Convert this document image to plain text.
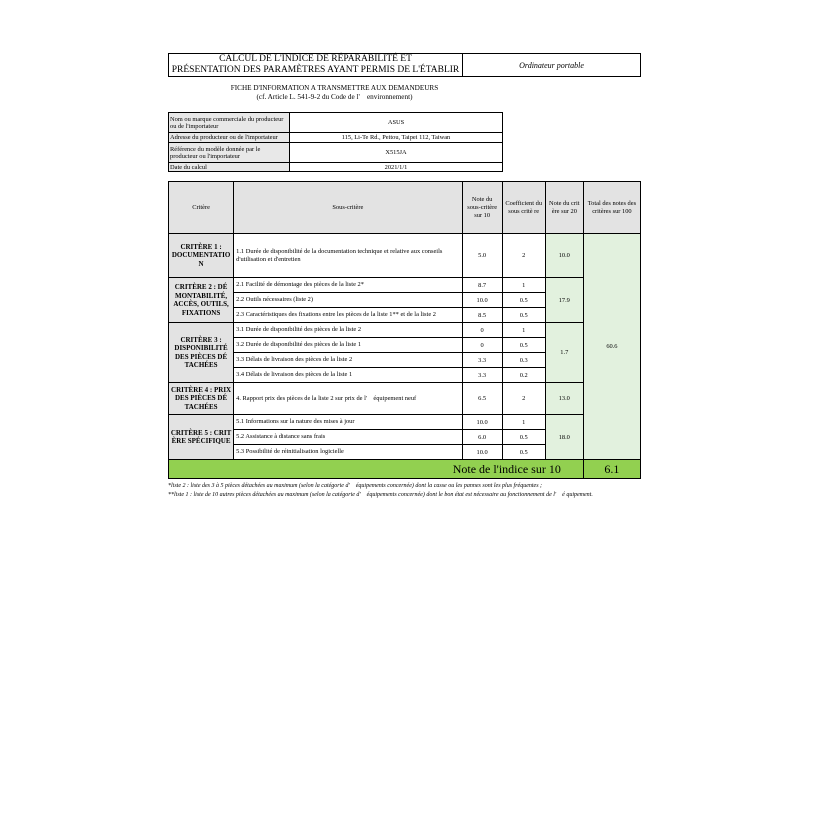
CALCUL DE L'INDICE DE RÉPARABILITÉ ET
PRÉSENTATION DES PARAMÈTRES AYANT PERMIS DE L'ÉTABLIR	Ordinateur portable
FICHE D'INFORMATION A TRANSMETTRE AUX DEMANDEURS
(cf. Article L. 541-9-2 du Code de l'　environnement)
Nom ou marque commerciale du producteur ou de l'importateur	ASUS
Adresse du producteur ou de l'importateur	115, Li-Te Rd., Peitou, Taipei 112, Taiwan
Référence du modèle donnée par le producteur ou l'importateur	X515JA
Date du calcul	2021/1/1
Critère	Sous-critère	Note du sous-critère sur 10	Coefficient du sous critè re	Note du crit ère sur 20	Total des notes des critères sur 100
CRITÈRE 1 : DOCUMENTATIO N	1.1 Durée de disponibilité de la documentation technique et relative aux conseils d'utilisation et d'entretien	5.0	2	10.0	60.6
CRITÈRE 2 : DÉ MONTABILITÉ, ACCÈS, OUTILS, FIXATIONS	2.1 Facilité de démontage des pièces de la liste 2*	8.7	1	17.9	
	2.2 Outils nécessaires (liste 2)	10.0	0.5		
	2.3 Caractéristiques des fixations entre les pièces de la liste 1** et de la liste 2	8.5	0.5		
CRITÈRE 3 : DISPONIBILITÉ DES PIÈCES DÉ TACHÉES	3.1 Durée de disponibilité des pièces de la liste 2	0	1	1.7	
	3.2 Durée de disponibilité des pièces de la liste 1	0	0.5		
	3.3 Délais de livraison des pièces de la liste 2	3.3	0.3		
	3.4 Délais de livraison des pièces de la liste 1	3.3	0.2		
CRITÈRE 4 : PRIX DES PIÈCES DÉ TACHÉES	4. Rapport prix des pièces de la liste 2 sur prix de l'　équipement neuf	6.5	2	13.0	
CRITÈRE 5 : CRIT ÈRE SPÉCIFIQUE	5.1 Informations sur la nature des mises à jour	10.0	1	18.0	
	5.2 Assistance à distance sans frais	6.0	0.5		
	5.3 Possibilité de réinitialisation logicielle	10.0	0.5		
Note de l'indice sur 10					6.1
*liste 2 : liste des 3 à 5 pièces détachées au maximum (selon la catégorie d'　équipements concernée) dont la casse ou les pannes sont les plus fréquentes ;
**liste 1 : liste de 10 autres pièces détachées au maximum (selon la catégorie d'　équipements concernée) dont le bon état est nécessaire au fonctionnement de l'　é quipement.
